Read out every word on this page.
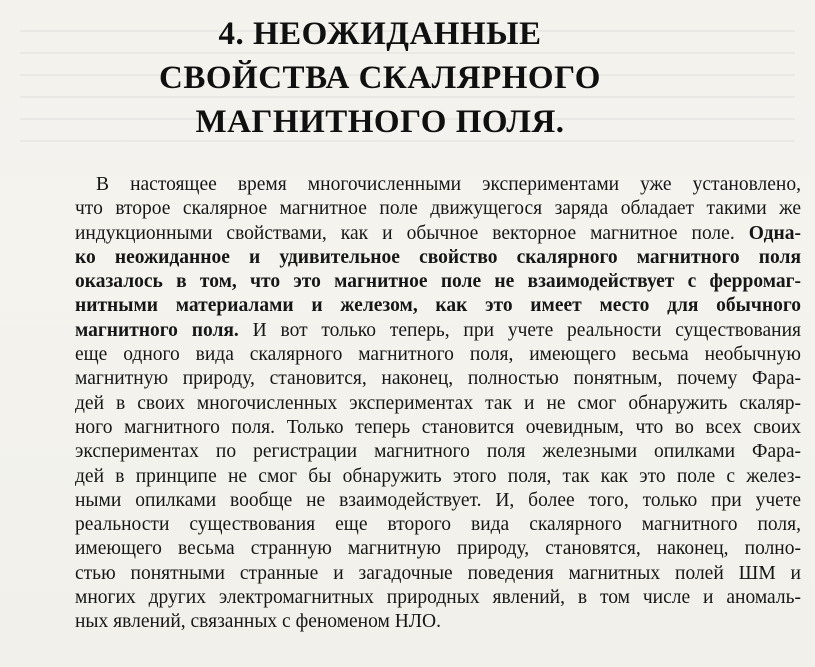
4. НЕОЖИДАННЫЕ
СВОЙСТВА СКАЛЯРНОГО
МАГНИТНОГО ПОЛЯ.
В настоящее время многочисленными экспериментами уже установлено,
что второе скалярное магнитное поле движущегося заряда обладает такими же
индукционными свойствами, как и обычное векторное магнитное поле. Одна-
ко неожиданное и удивительное свойство скалярного магнитного поля
оказалось в том, что это магнитное поле не взаимодействует с ферромаг-
нитными материалами и железом, как это имеет место для обычного
магнитного поля. И вот только теперь, при учете реальности существования
еще одного вида скалярного магнитного поля, имеющего весьма необычную
магнитную природу, становится, наконец, полностью понятным, почему Фара-
дей в своих многочисленных экспериментах так и не смог обнаружить скаляр-
ного магнитного поля. Только теперь становится очевидным, что во всех своих
экспериментах по регистрации магнитного поля железными опилками Фара-
дей в принципе не смог бы обнаружить этого поля, так как это поле с желез-
ными опилками вообще не взаимодействует. И, более того, только при учете
реальности существования еще второго вида скалярного магнитного поля,
имеющего весьма странную магнитную природу, становятся, наконец, полно-
стью понятными странные и загадочные поведения магнитных полей ШМ и
многих других электромагнитных природных явлений, в том числе и аномаль-
ных явлений, связанных с феноменом НЛО.
